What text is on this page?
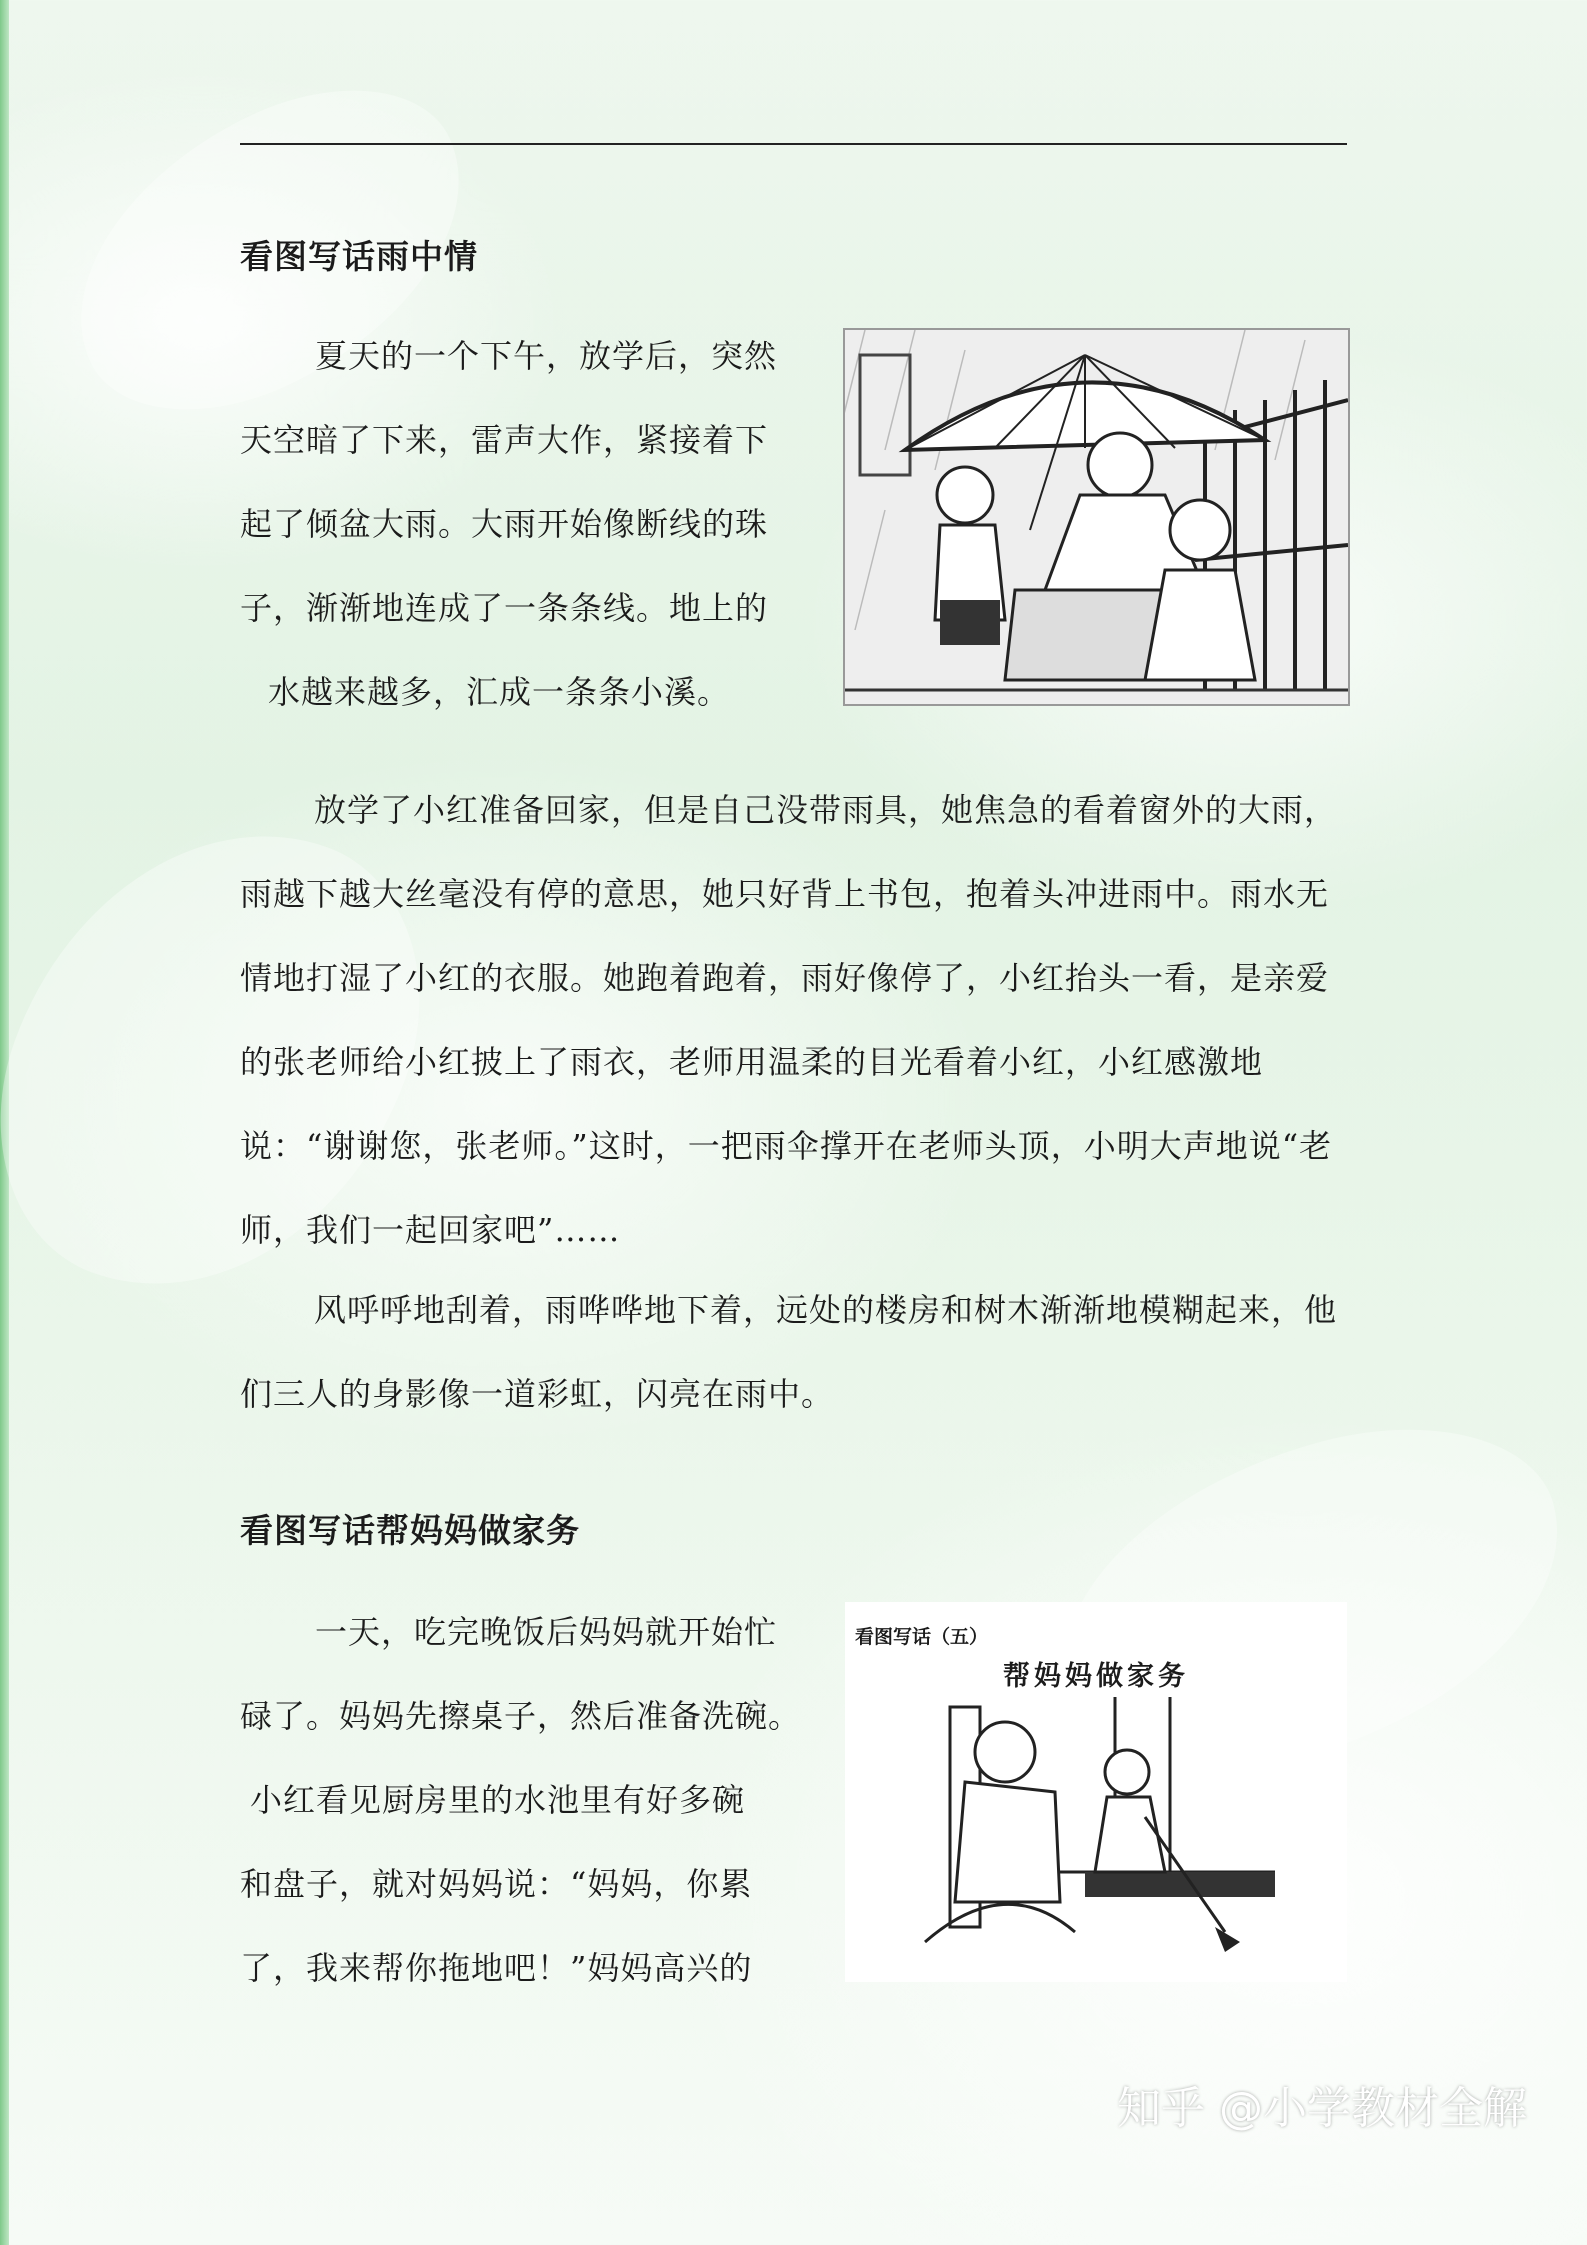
看图写话雨中情
夏天的一个下午，放学后，突然
天空暗了下来，雷声大作，紧接着下
起了倾盆大雨。大雨开始像断线的珠
子，渐渐地连成了一条条线。地上的
水越来越多，汇成一条条小溪。

放学了小红准备回家，但是自己没带雨具，她焦急的看着窗外的大雨，雨越下越大丝毫没有停的意思，她只好背上书包，抱着头冲进雨中。雨水无情地打湿了小红的衣服。她跑着跑着，雨好像停了，小红抬头一看，是亲爱的张老师给小红披上了雨衣，老师用温柔的目光看着小红，小红感激地说：“谢谢您，张老师。”这时，一把雨伞撑开在老师头顶，小明大声地说“老师，我们一起回家吧”……

风呼呼地刮着，雨哗哗地下着，远处的楼房和树木渐渐地模糊起来，他们三人的身影像一道彩虹，闪亮在雨中。

看图写话帮妈妈做家务
一天，吃完晚饭后妈妈就开始忙
碌了。妈妈先擦桌子，然后准备洗碗。
小红看见厨房里的水池里有好多碗
和盘子，就对妈妈说：“妈妈，你累
了，我来帮你拖地吧！”妈妈高兴的
看图写话（五）
帮妈妈做家务
知乎 @小学教材全解
